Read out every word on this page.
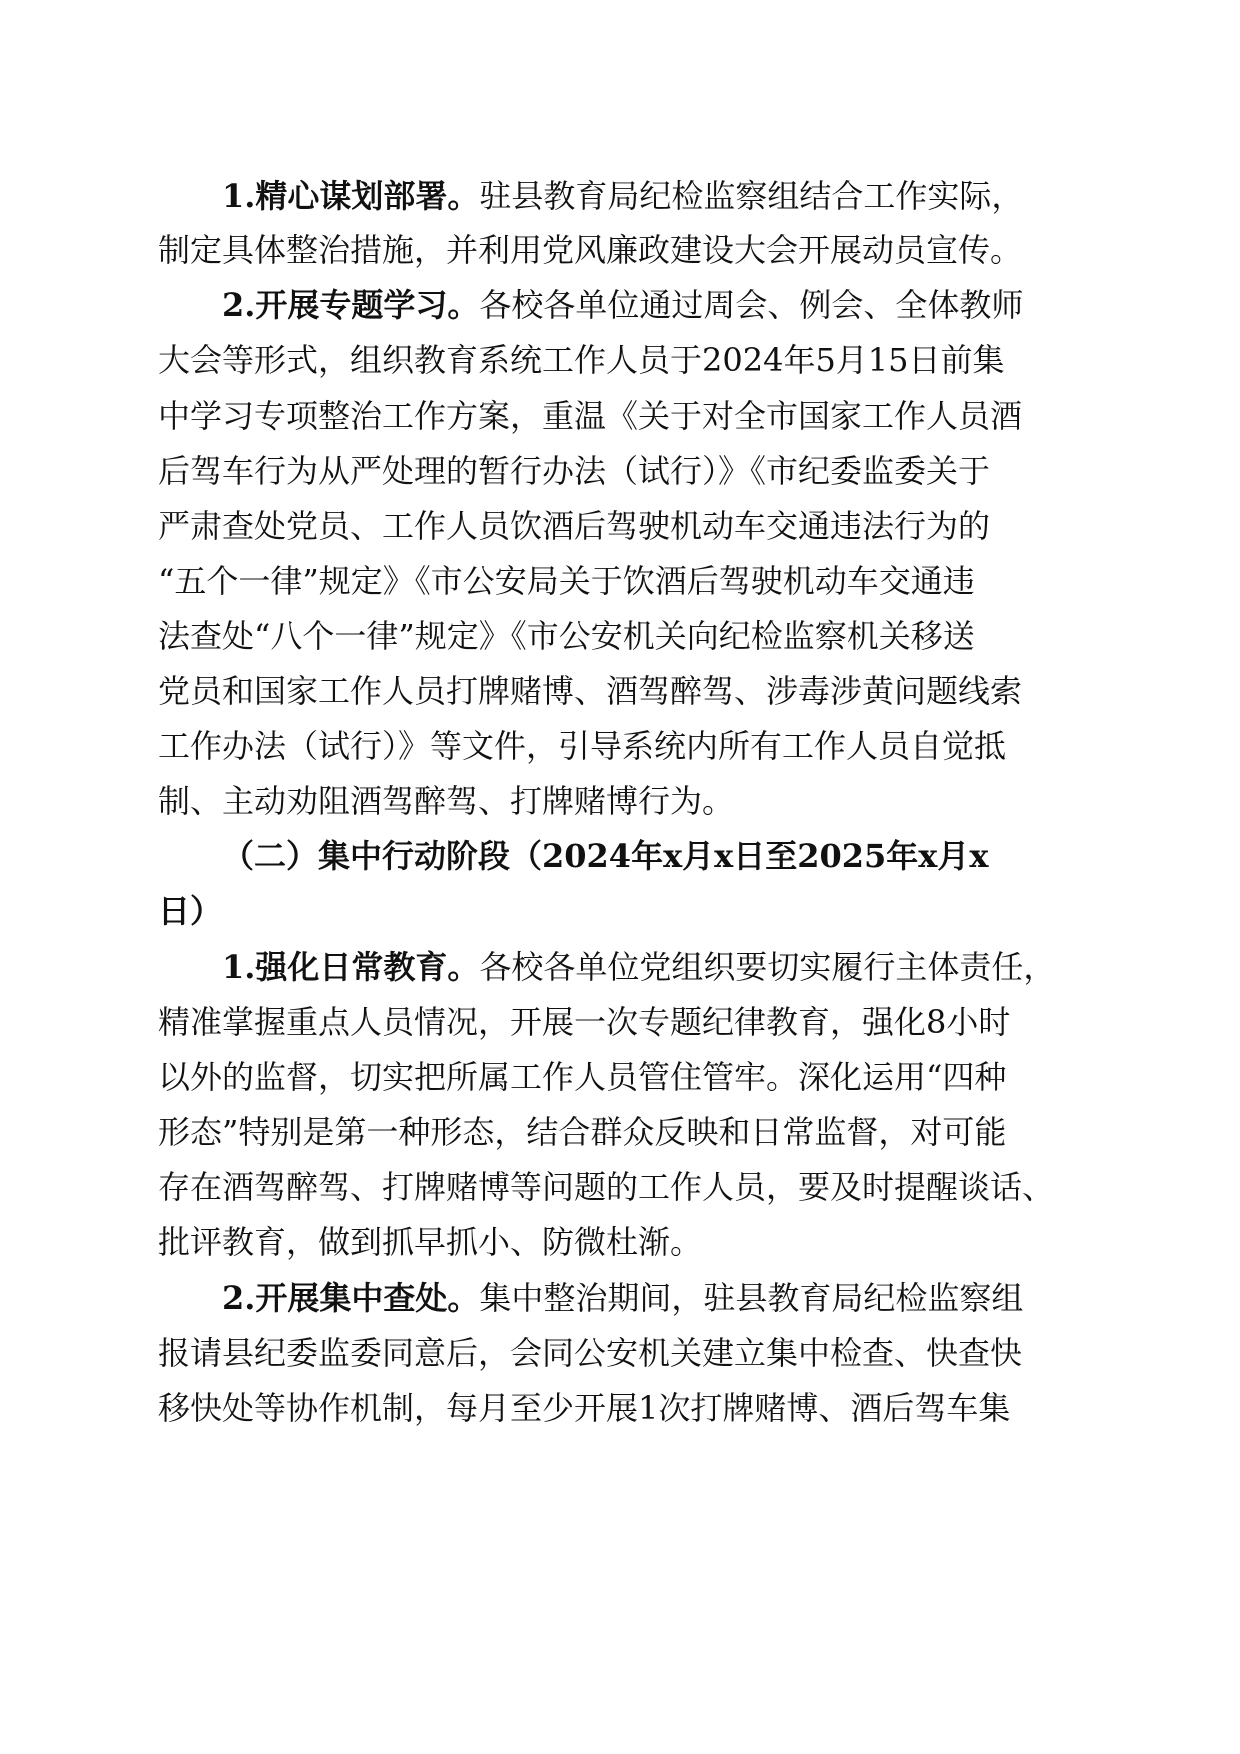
1.精心谋划部署。驻县教育局纪检监察组结合工作实际，
制定具体整治措施，并利用党风廉政建设大会开展动员宣传。
2.开展专题学习。各校各单位通过周会、例会、全体教师
大会等形式，组织教育系统工作人员于2024年5月15日前集
中学习专项整治工作方案，重温《关于对全市国家工作人员酒
后驾车行为从严处理的暂行办法（试行）》《市纪委监委关于
严肃查处党员、工作人员饮酒后驾驶机动车交通违法行为的
“五个一律”规定》《市公安局关于饮酒后驾驶机动车交通违
法查处“八个一律”规定》《市公安机关向纪检监察机关移送
党员和国家工作人员打牌赌博、酒驾醉驾、涉毒涉黄问题线索
工作办法（试行）》等文件，引导系统内所有工作人员自觉抵
制、主动劝阻酒驾醉驾、打牌赌博行为。
（二）集中行动阶段（2024年x月x日至2025年x月x
日）
1.强化日常教育。各校各单位党组织要切实履行主体责任，
精准掌握重点人员情况，开展一次专题纪律教育，强化8小时
以外的监督，切实把所属工作人员管住管牢。深化运用“四种
形态”特别是第一种形态，结合群众反映和日常监督，对可能
存在酒驾醉驾、打牌赌博等问题的工作人员，要及时提醒谈话、
批评教育，做到抓早抓小、防微杜渐。
2.开展集中查处。集中整治期间，驻县教育局纪检监察组
报请县纪委监委同意后，会同公安机关建立集中检查、快查快
移快处等协作机制，每月至少开展1次打牌赌博、酒后驾车集
